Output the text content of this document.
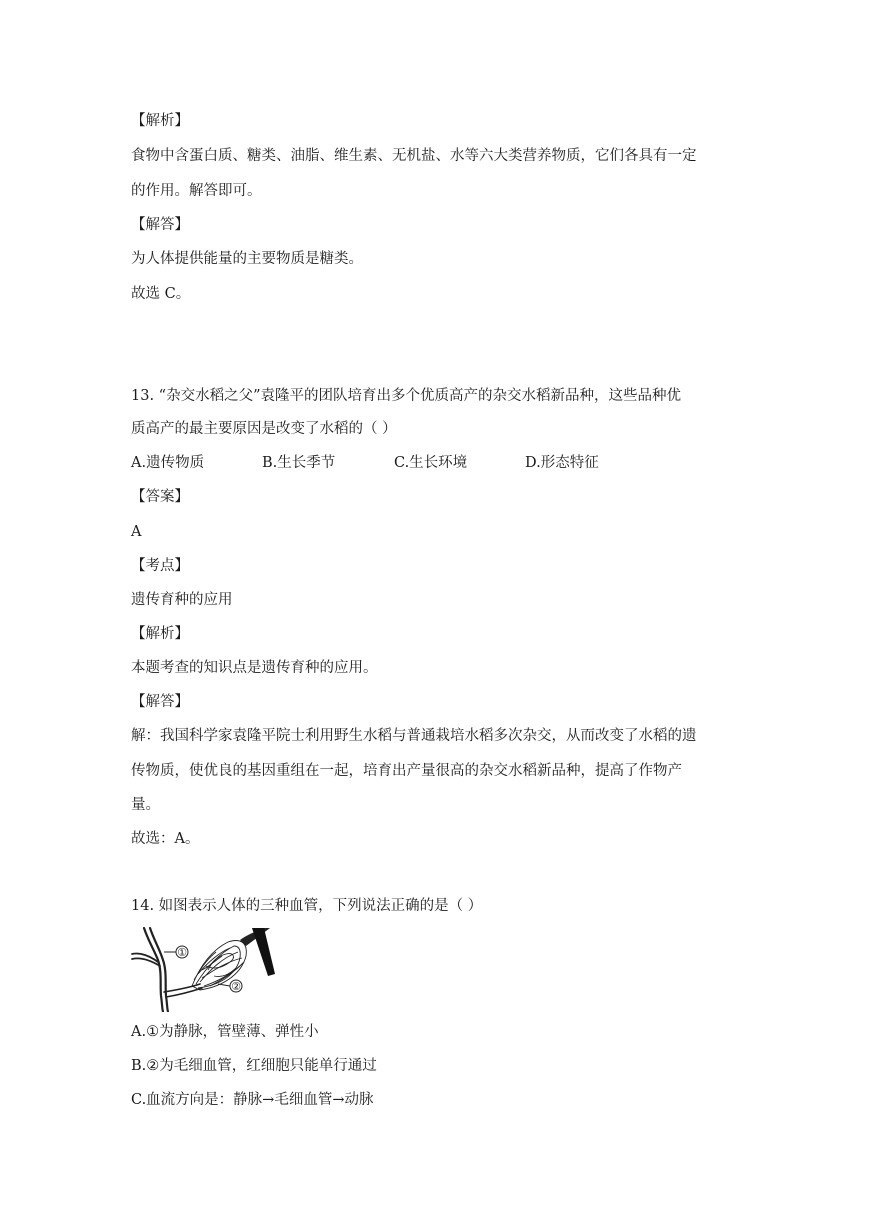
【解析】
食物中含蛋白质、糖类、油脂、维生素、无机盐、水等六大类营养物质，它们各具有一定
的作用。解答即可。
【解答】
为人体提供能量的主要物质是糖类。
故选 C。
13. “杂交水稻之父”袁隆平的团队培育出多个优质高产的杂交水稻新品种，这些品种优
质高产的最主要原因是改变了水稻的（ ）
A.遗传物质	B.生长季节	C.生长环境	D.形态特征
【答案】
A
【考点】
遗传育种的应用
【解析】
本题考查的知识点是遗传育种的应用。
【解答】
解：我国科学家袁隆平院士利用野生水稻与普通栽培水稻多次杂交，从而改变了水稻的遗
传物质，使优良的基因重组在一起，培育出产量很高的杂交水稻新品种，提高了作物产
量。
故选：A。
14. 如图表示人体的三种血管，下列说法正确的是（ ）
①
②
A.①为静脉，管壁薄、弹性小
B.②为毛细血管，红细胞只能单行通过
C.血流方向是：静脉→毛细血管→动脉
